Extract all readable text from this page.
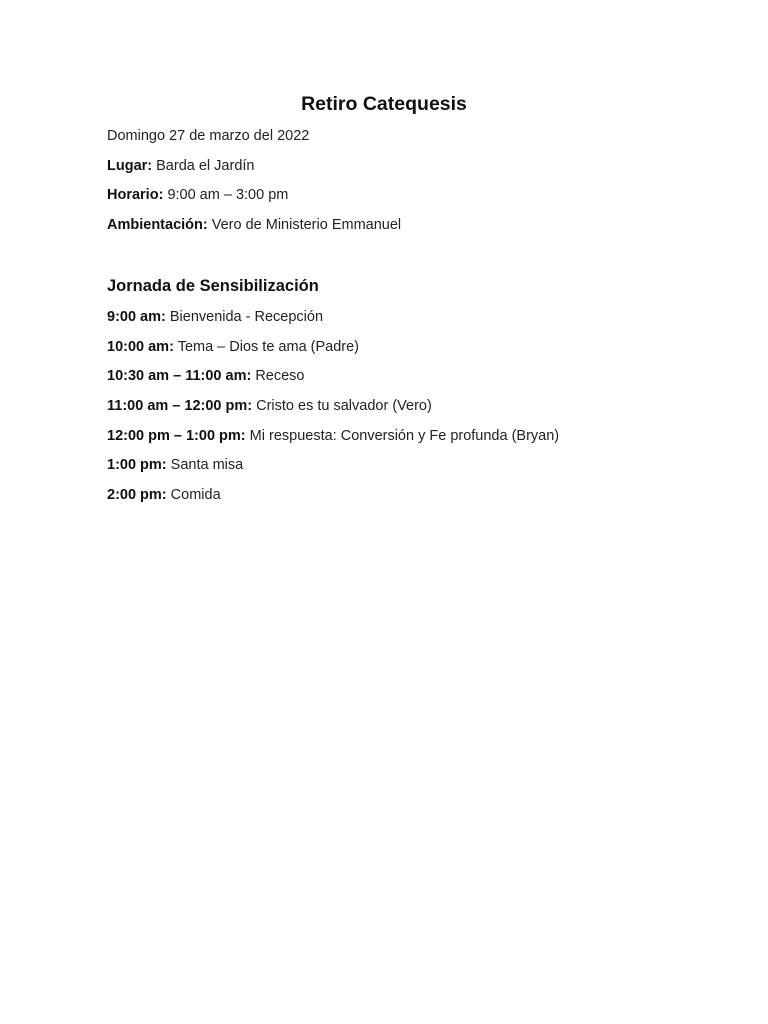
Retiro Catequesis
Domingo 27 de marzo del 2022
Lugar: Barda el Jardín
Horario: 9:00 am – 3:00 pm
Ambientación: Vero de Ministerio Emmanuel
Jornada de Sensibilización
9:00 am: Bienvenida - Recepción
10:00 am: Tema – Dios te ama (Padre)
10:30 am – 11:00 am: Receso
11:00 am – 12:00 pm: Cristo es tu salvador (Vero)
12:00 pm – 1:00 pm: Mi respuesta: Conversión y Fe profunda (Bryan)
1:00 pm: Santa misa
2:00 pm: Comida
